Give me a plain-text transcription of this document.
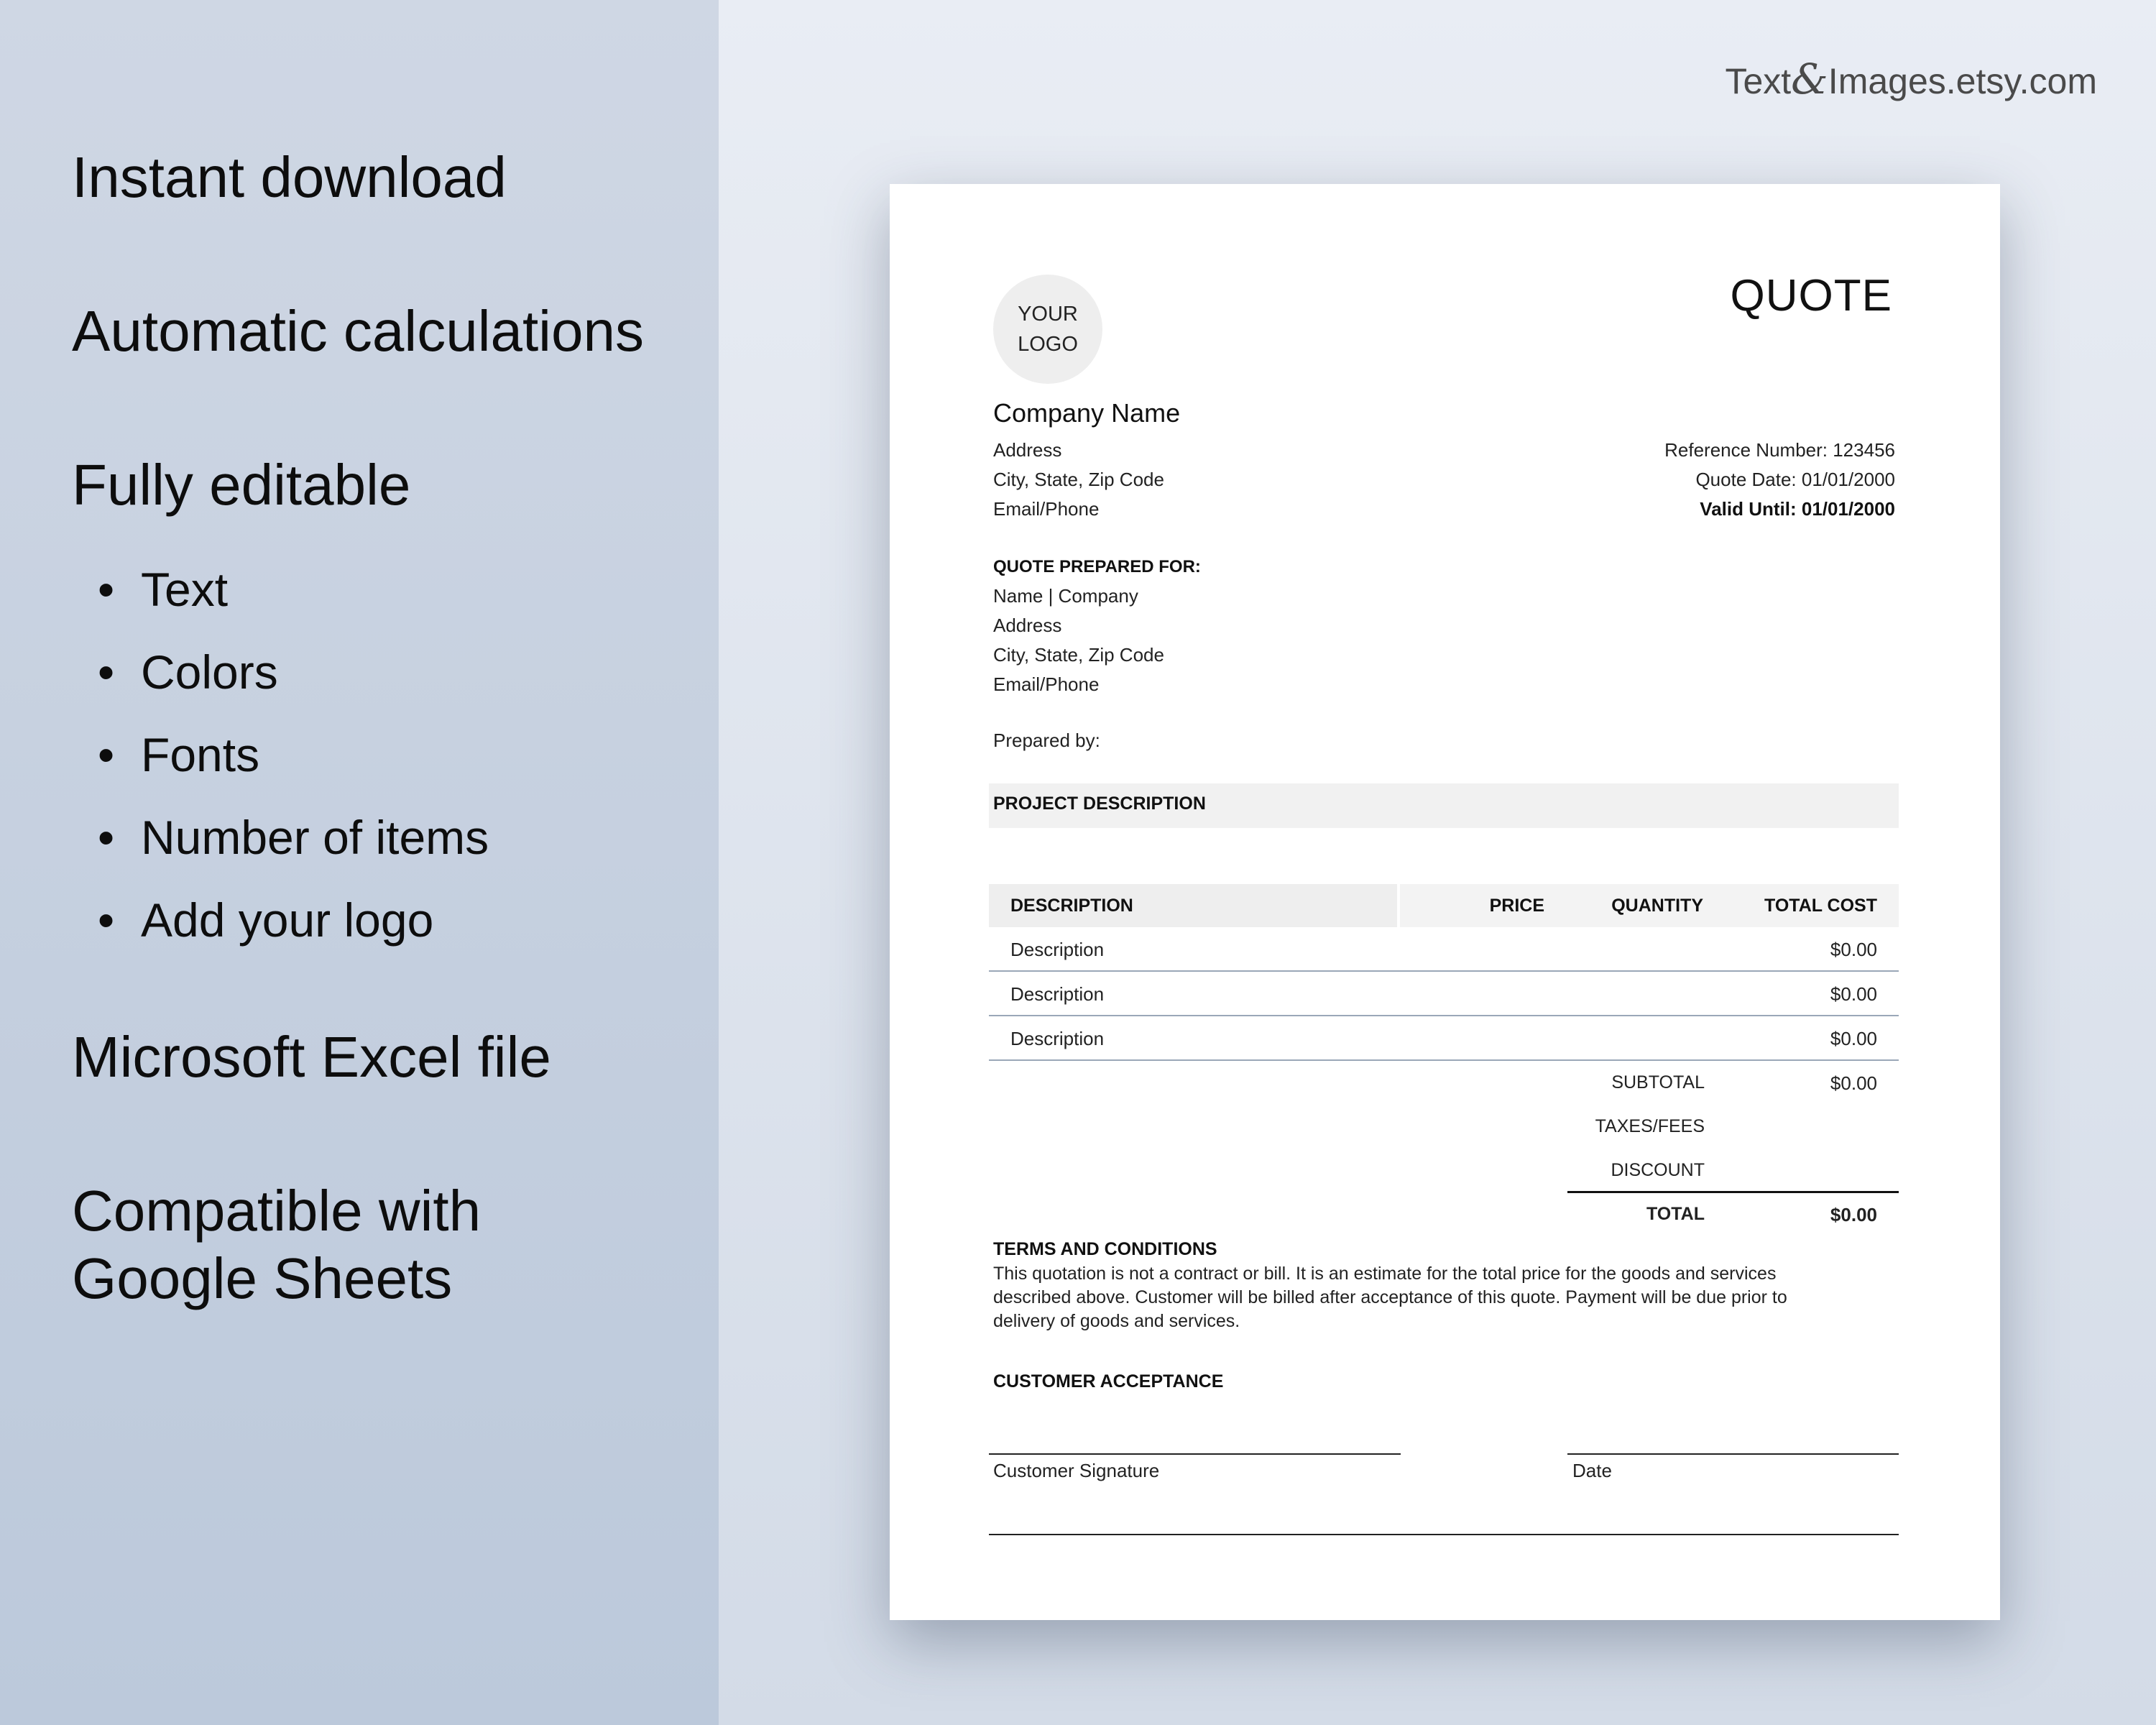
Instant download
Automatic calculations
Fully editable
• Text
• Colors
• Fonts
• Number of items
• Add your logo
Microsoft Excel file
Compatible with
Google Sheets
Text&Images.etsy.com
YOUR
LOGO
QUOTE
Company Name
Address
City, State, Zip Code
Email/Phone
Reference Number: 123456
Quote Date: 01/01/2000
Valid Until: 01/01/2000
QUOTE PREPARED FOR:
Name | Company
Address
City, State, Zip Code
Email/Phone
Prepared by:
PROJECT DESCRIPTION
DESCRIPTION	PRICE	QUANTITY	TOTAL COST
Description	$0.00
Description	$0.00
Description	$0.00
SUBTOTAL	$0.00
TAXES/FEES
DISCOUNT
TOTAL	$0.00
TERMS AND CONDITIONS
This quotation is not a contract or bill. It is an estimate for the total price for the goods and services
described above. Customer will be billed after acceptance of this quote. Payment will be due prior to
delivery of goods and services.
CUSTOMER ACCEPTANCE
Customer Signature	Date
